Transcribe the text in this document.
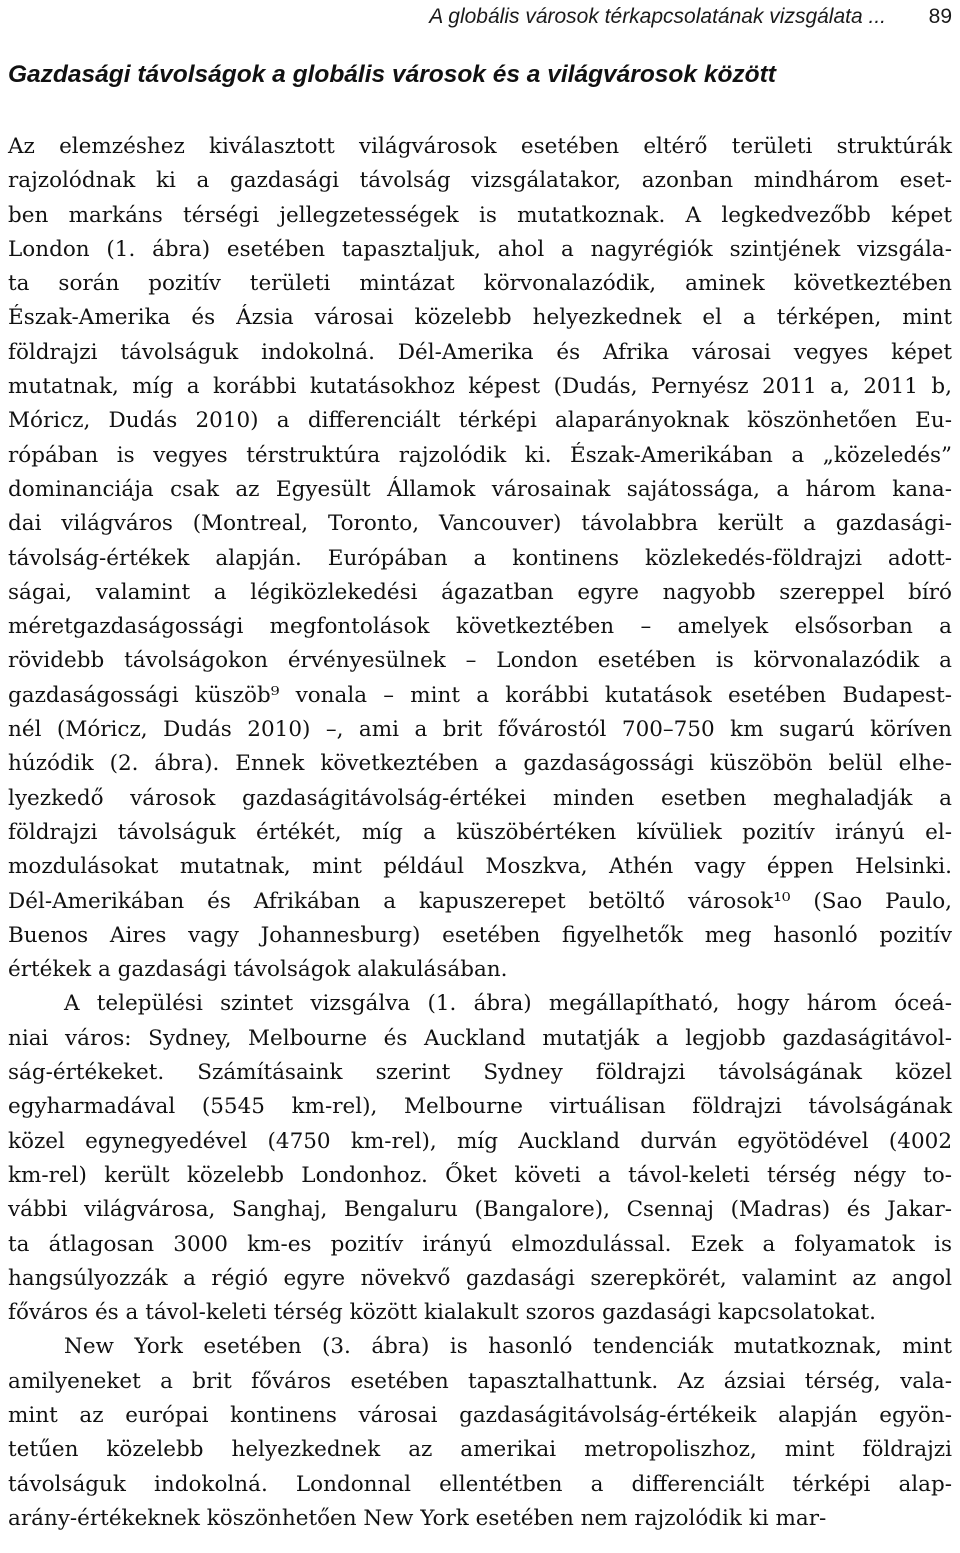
A globális városok térkapcsolatának vizsgálata ... 89
Gazdasági távolságok a globális városok és a világvárosok között

Az elemzéshez kiválasztott világvárosok esetében eltérő területi struktúrák
rajzolódnak ki a gazdasági távolság vizsgálatakor, azonban mindhárom eset-
ben markáns térségi jellegzetességek is mutatkoznak. A legkedvezőbb képet
London (1. ábra) esetében tapasztaljuk, ahol a nagyrégiók szintjének vizsgála-
ta során pozitív területi mintázat körvonalazódik, aminek következtében
Észak-Amerika és Ázsia városai közelebb helyezkednek el a térképen, mint
földrajzi távolságuk indokolná. Dél-Amerika és Afrika városai vegyes képet
mutatnak, míg a korábbi kutatásokhoz képest (Dudás, Pernyész 2011 a, 2011 b,
Móricz, Dudás 2010) a differenciált térképi alaparányoknak köszönhetően Eu-
rópában is vegyes térstruktúra rajzolódik ki. Észak-Amerikában a „közeledés”
dominanciája csak az Egyesült Államok városainak sajátossága, a három kana-
dai világváros (Montreal, Toronto, Vancouver) távolabbra került a gazdasági-
távolság-értékek alapján. Európában a kontinens közlekedés-földrajzi adott-
ságai, valamint a légiközlekedési ágazatban egyre nagyobb szereppel bíró
méretgazdaságossági megfontolások következtében – amelyek elsősorban a
rövidebb távolságokon érvényesülnek – London esetében is körvonalazódik a
gazdaságossági küszöb⁹ vonala – mint a korábbi kutatások esetében Budapest-
nél (Móricz, Dudás 2010) –, ami a brit fővárostól 700–750 km sugarú köríven
húzódik (2. ábra). Ennek következtében a gazdaságossági küszöbön belül elhe-
lyezkedő városok gazdaságitávolság-értékei minden esetben meghaladják a
földrajzi távolságuk értékét, míg a küszöbértéken kívüliek pozitív irányú el-
mozdulásokat mutatnak, mint például Moszkva, Athén vagy éppen Helsinki.
Dél-Amerikában és Afrikában a kapuszerepet betöltő városok¹⁰ (Sao Paulo,
Buenos Aires vagy Johannesburg) esetében figyelhetők meg hasonló pozitív
értékek a gazdasági távolságok alakulásában.

A települési szintet vizsgálva (1. ábra) megállapítható, hogy három óceá-
niai város: Sydney, Melbourne és Auckland mutatják a legjobb gazdaságitávol-
ság-értékeket. Számításaink szerint Sydney földrajzi távolságának közel
egyharmadával (5545 km-rel), Melbourne virtuálisan földrajzi távolságának
közel egynegyedével (4750 km-rel), míg Auckland durván egyötödével (4002
km-rel) került közelebb Londonhoz. Őket követi a távol-keleti térség négy to-
vábbi világvárosa, Sanghaj, Bengaluru (Bangalore), Csennaj (Madras) és Jakar-
ta átlagosan 3000 km-es pozitív irányú elmozdulással. Ezek a folyamatok is
hangsúlyozzák a régió egyre növekvő gazdasági szerepkörét, valamint az angol
főváros és a távol-keleti térség között kialakult szoros gazdasági kapcsolatokat.

New York esetében (3. ábra) is hasonló tendenciák mutatkoznak, mint
amilyeneket a brit főváros esetében tapasztalhattunk. Az ázsiai térség, vala-
mint az európai kontinens városai gazdaságitávolság-értékeik alapján egyön-
tetűen közelebb helyezkednek az amerikai metropoliszhoz, mint földrajzi
távolságuk indokolná. Londonnal ellentétben a differenciált térképi alap-
arány-értékeknek köszönhetően New York esetében nem rajzolódik ki mar-
